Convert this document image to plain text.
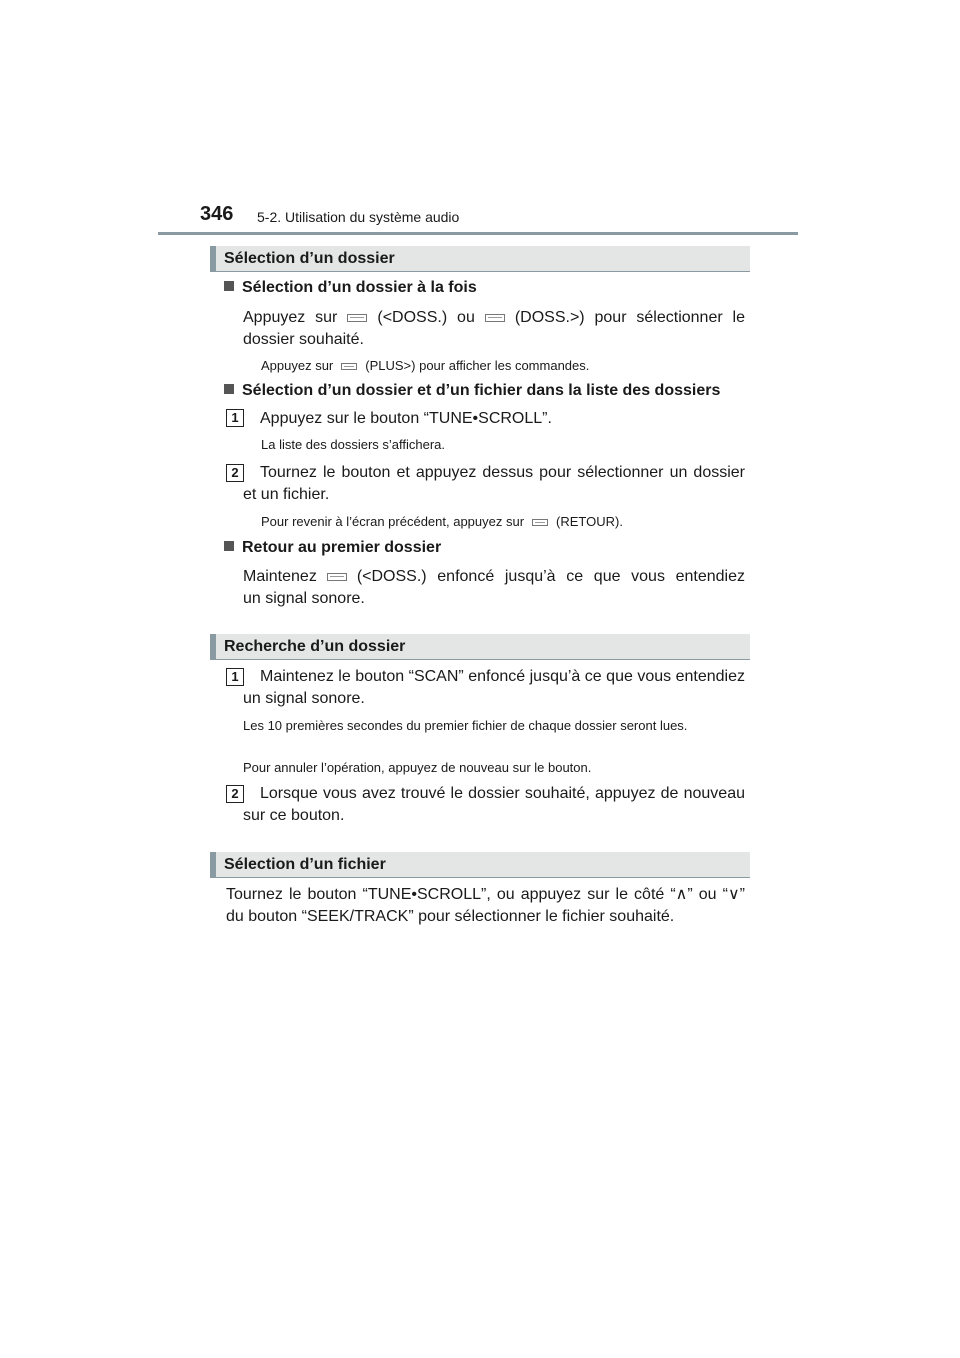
346 5-2. Utilisation du système audio
Sélection d’un dossier
Sélection d’un dossier à la fois
Appuyez sur	(<DOSS.) ou	(DOSS.>) pour sélectionner le
dossier souhaité.
Appuyez sur (PLUS>) pour afficher les commandes.
Sélection d’un dossier et d’un fichier dans la liste des dossiers
1	Appuyez sur le bouton “TUNE•SCROLL”.
La liste des dossiers s’affichera.
2	Tournez le bouton et appuyez dessus pour sélectionner un dossier et un fichier.
Pour revenir à l’écran précédent, appuyez sur (RETOUR).
Retour au premier dossier
Maintenez	(<DOSS.) enfoncé jusqu’à ce que vous entendiez
un signal sonore.
Recherche d’un dossier
1	Maintenez le bouton “SCAN” enfoncé jusqu’à ce que vous entendiez un signal sonore.
Les 10 premières secondes du premier fichier de chaque dossier seront lues.
Pour annuler l’opération, appuyez de nouveau sur le bouton.
2	Lorsque vous avez trouvé le dossier souhaité, appuyez de nouveau sur ce bouton.
Sélection d’un fichier
Tournez le bouton “TUNE•SCROLL”, ou appuyez sur le côté “∧” ou “∨” du bouton “SEEK/TRACK” pour sélectionner le fichier souhaité.
